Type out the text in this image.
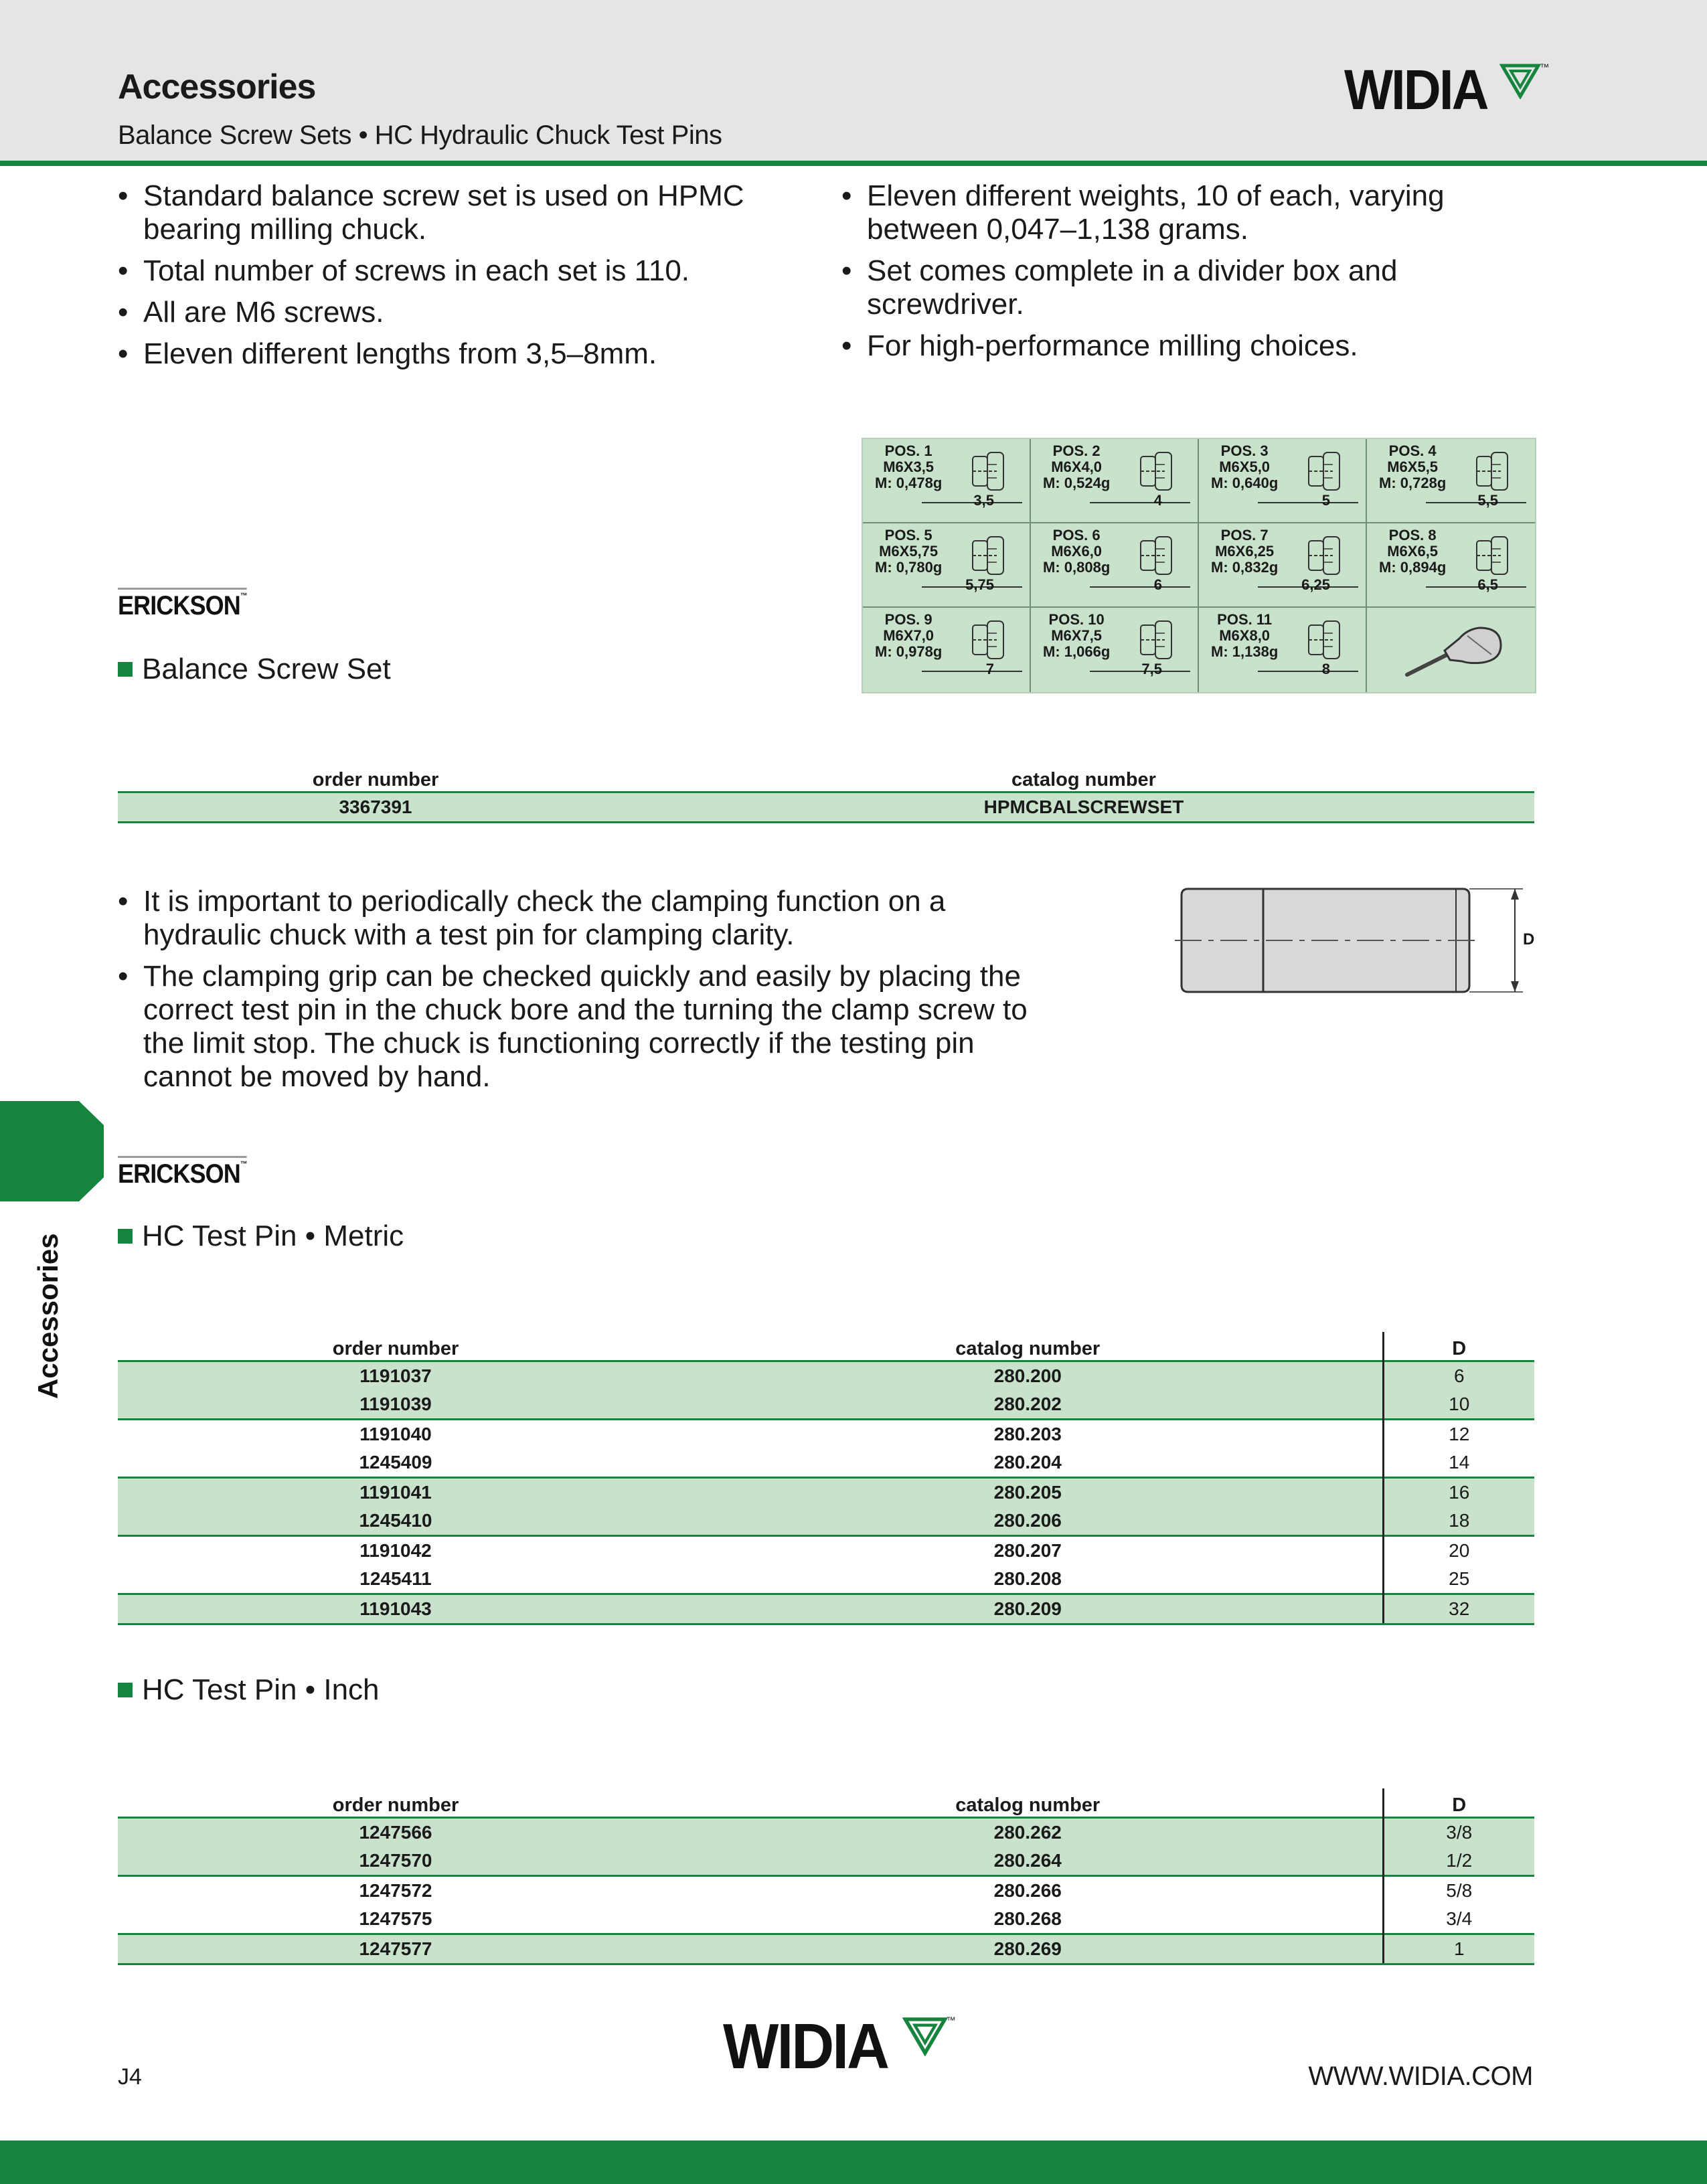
Accessories
Balance Screw Sets • HC Hydraulic Chuck Test Pins
WIDIA	™
• Standard balance screw set is used on HPMC bearing milling chuck.
• Total number of screws in each set is 110.
• All are M6 screws.
• Eleven different lengths from 3,5–8mm.
• Eleven different weights, 10 of each, varying between 0,047–1,138 grams.
• Set comes complete in a divider box and screwdriver.
• For high-performance milling choices.
POS. 1
M6X3,5
M: 0,478g
3,5
POS. 2
M6X4,0
M: 0,524g
4
POS. 3
M6X5,0
M: 0,640g
5
POS. 4
M6X5,5
M: 0,728g
5,5
POS. 5
M6X5,75
M: 0,780g
5,75
POS. 6
M6X6,0
M: 0,808g
6
POS. 7
M6X6,25
M: 0,832g
6,25
POS. 8
M6X6,5
M: 0,894g
6,5
POS. 9
M6X7,0
M: 0,978g
7
POS. 10
M6X7,5
M: 1,066g
7,5
POS. 11
M6X8,0
M: 1,138g
8
ERICKSON™
Balance Screw Set
order number	catalog number
3367391	HPMCBALSCREWSET
• It is important to periodically check the clamping function on a hydraulic chuck with a test pin for clamping clarity.
• The clamping grip can be checked quickly and easily by placing the correct test pin in the chuck bore and the turning the clamp screw to the limit stop. The chuck is functioning correctly if the testing pin cannot be moved by hand.
D
Accessories
ERICKSON™
HC Test Pin • Metric
order number	catalog number	D
1191037	280.200	6
1191039	280.202	10
1191040	280.203	12
1245409	280.204	14
1191041	280.205	16
1245410	280.206	18
1191042	280.207	20
1245411	280.208	25
1191043	280.209	32
HC Test Pin • Inch
order number	catalog number	D
1247566	280.262	3/8
1247570	280.264	1/2
1247572	280.266	5/8
1247575	280.268	3/4
1247577	280.269	1
J4	WIDIA	™
WWW.WIDIA.COM
